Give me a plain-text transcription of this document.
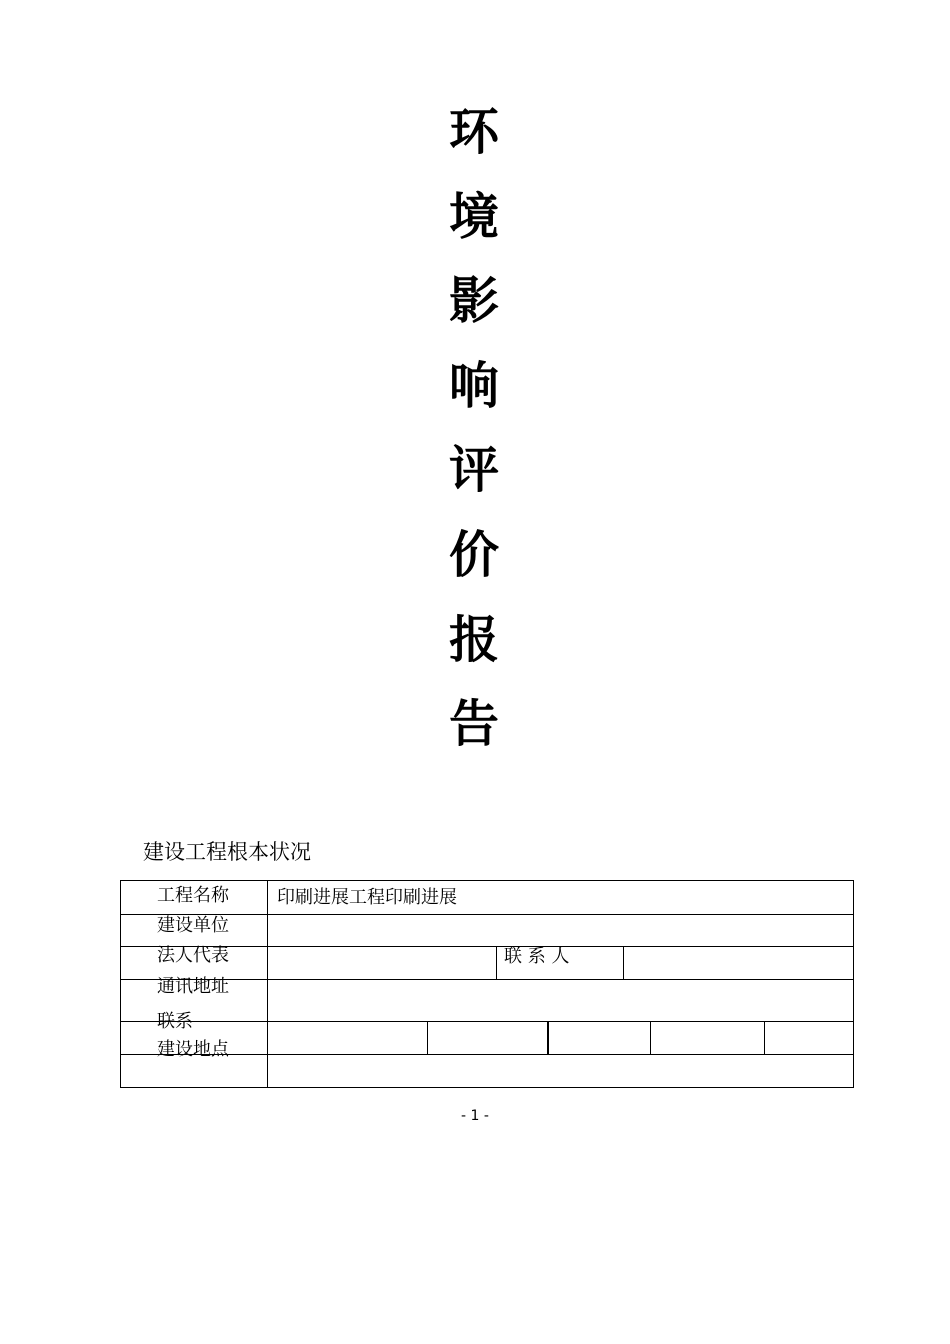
环
境
影
响
评
价
报
告
建设工程根本状况
工程名称
建设单位
法人代表
通讯地址
联系
建设地点
联 系 人
印刷进展工程印刷进展
- 1 -
